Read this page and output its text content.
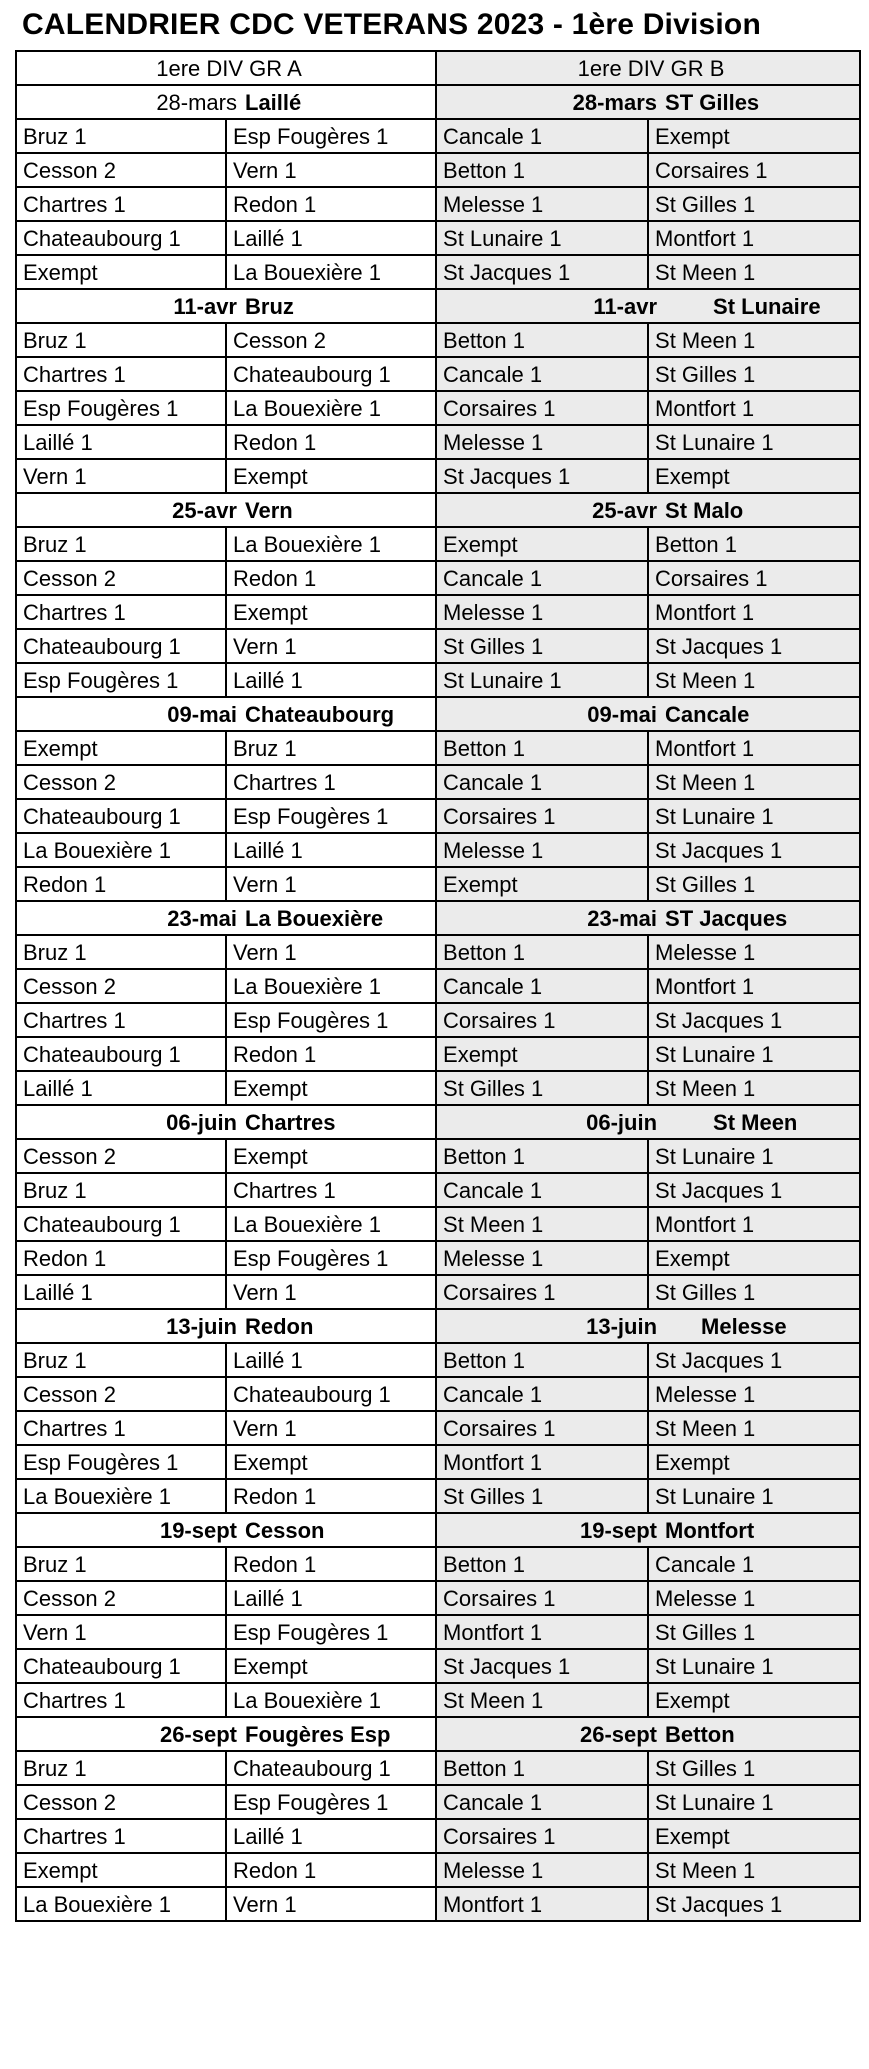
CALENDRIER CDC VETERANS 2023 - 1ère Division
1ere DIV GR A		1ere DIV GR B	
28-mars Laillé		28-mars ST Gilles	
Bruz 1	Esp Fougères 1	Cancale 1	Exempt
Cesson 2	Vern 1	Betton 1	Corsaires 1
Chartres 1	Redon 1	Melesse 1	St Gilles 1
Chateaubourg 1	Laillé 1	St Lunaire 1	Montfort 1
Exempt	La Bouexière 1	St Jacques 1	St Meen 1
11-avr Bruz		11-avr St Lunaire	
Bruz 1	Cesson 2	Betton 1	St Meen 1
Chartres 1	Chateaubourg 1	Cancale 1	St Gilles 1
Esp Fougères 1	La Bouexière 1	Corsaires 1	Montfort 1
Laillé 1	Redon 1	Melesse 1	St Lunaire 1
Vern 1	Exempt	St Jacques 1	Exempt
25-avr Vern		25-avr St Malo	
Bruz 1	La Bouexière 1	Exempt	Betton 1
Cesson 2	Redon 1	Cancale 1	Corsaires 1
Chartres 1	Exempt	Melesse 1	Montfort 1
Chateaubourg 1	Vern 1	St Gilles 1	St Jacques 1
Esp Fougères 1	Laillé 1	St Lunaire 1	St Meen 1
09-mai Chateaubourg		09-mai Cancale	
Exempt	Bruz 1	Betton 1	Montfort 1
Cesson 2	Chartres 1	Cancale 1	St Meen 1
Chateaubourg 1	Esp Fougères 1	Corsaires 1	St Lunaire 1
La Bouexière 1	Laillé 1	Melesse 1	St Jacques 1
Redon 1	Vern 1	Exempt	St Gilles 1
23-mai La Bouexière		23-mai ST Jacques	
Bruz 1	Vern 1	Betton 1	Melesse 1
Cesson 2	La Bouexière 1	Cancale 1	Montfort 1
Chartres 1	Esp Fougères 1	Corsaires 1	St Jacques 1
Chateaubourg 1	Redon 1	Exempt	St Lunaire 1
Laillé 1	Exempt	St Gilles 1	St Meen 1
06-juin Chartres		06-juin St Meen	
Cesson 2	Exempt	Betton 1	St Lunaire 1
Bruz 1	Chartres 1	Cancale 1	St Jacques 1
Chateaubourg 1	La Bouexière 1	St Meen 1	Montfort 1
Redon 1	Esp Fougères 1	Melesse 1	Exempt
Laillé 1	Vern 1	Corsaires 1	St Gilles 1
13-juin Redon		13-juin Melesse	
Bruz 1	Laillé 1	Betton 1	St Jacques 1
Cesson 2	Chateaubourg 1	Cancale 1	Melesse 1
Chartres 1	Vern 1	Corsaires 1	St Meen 1
Esp Fougères 1	Exempt	Montfort 1	Exempt
La Bouexière 1	Redon 1	St Gilles 1	St Lunaire 1
19-sept Cesson		19-sept Montfort	
Bruz 1	Redon 1	Betton 1	Cancale 1
Cesson 2	Laillé 1	Corsaires 1	Melesse 1
Vern 1	Esp Fougères 1	Montfort 1	St Gilles 1
Chateaubourg 1	Exempt	St Jacques 1	St Lunaire 1
Chartres 1	La Bouexière 1	St Meen 1	Exempt
26-sept Fougères Esp		26-sept Betton	
Bruz 1	Chateaubourg 1	Betton 1	St Gilles 1
Cesson 2	Esp Fougères 1	Cancale 1	St Lunaire 1
Chartres 1	Laillé 1	Corsaires 1	Exempt
Exempt	Redon 1	Melesse 1	St Meen 1
La Bouexière 1	Vern 1	Montfort 1	St Jacques 1
